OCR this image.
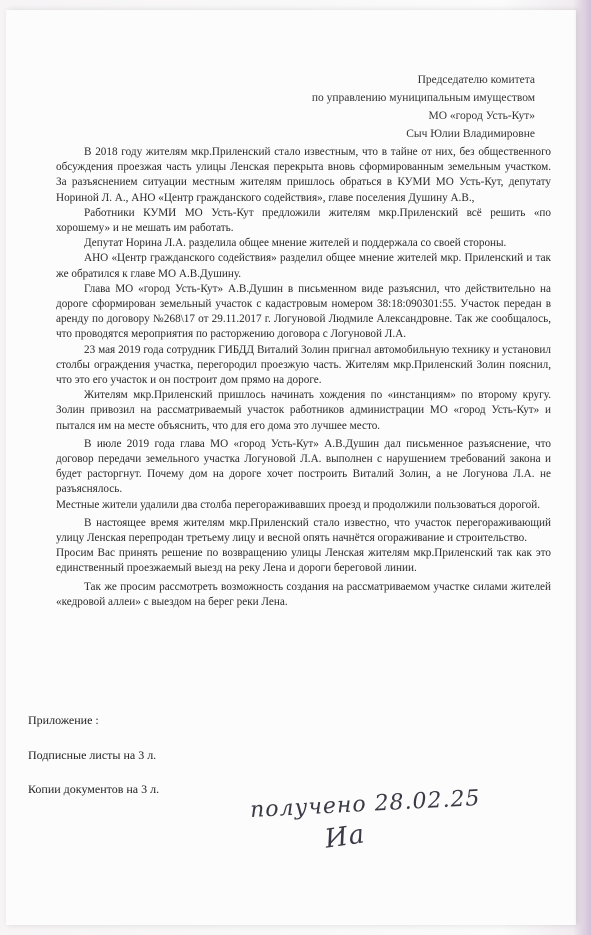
Председателю комитета
по управлению муниципальным имуществом
МО «город Усть-Кут»
Сыч Юлии Владимировне

В 2018 году жителям мкр.Приленский стало известным, что в тайне от них, без общественного обсуждения проезжая часть улицы Ленская перекрыта вновь сформированным земельным участком. За разъяснением ситуации местным жителям пришлось обратьcя в КУМИ МО Усть-Кут, депутату Нориной Л. А., АНО «Центр гражданского содействия», главе поселения Душину А.В.,

Работники КУМИ МО Усть-Кут предложили жителям мкр.Приленский всё решить «по хорошему» и не мешать им работать.

Депутат Норина Л.А. разделила общее мнение жителей и поддержала со своей стороны.

АНО «Центр гражданского содействия» разделил общее мнение жителей мкр. Приленский и так же обратился к главе МО А.В.Душину.

Глава МО «город Усть-Кут» А.В.Душин в письменном виде разъяснил, что действительно на дороге сформирован земельный участок с кадастровым номером 38:18:090301:55. Участок передан в аренду по договору №268\17 от 29.11.2017 г. Логуновой Людмиле Александровне. Так же сообщалось, что проводятся мероприятия по расторжению договора с Логуновой Л.А.

23 мая 2019 года сотрудник ГИБДД Виталий Золин пригнал автомобильную технику и установил столбы ограждения участка, перегородил проезжую часть. Жителям мкр.Приленский Золин пояснил, что это его участок и он построит дом прямо на дороге.

Жителям мкр.Приленский пришлось начинать хождения по «инстанциям» по второму кругу. Золин привозил на рассматриваемый участок работников администрации МО «город Усть-Кут» и пытался им на месте объяснить, что для его дома это лучшее место.

В июле 2019 года глава МО «город Усть-Кут» А.В.Душин дал письменное разъяснение, что договор передачи земельного участка Логуновой Л.А. выполнен с нарушением требований закона и будет расторгнут. Почему дом на дороге хочет построить Виталий Золин, а не Логунова Л.А. не разъяснялось.

Местные жители удалили два столба перегораживавших проезд и продолжили пользоваться дорогой.

В настоящее время жителям мкр.Приленский стало известно, что участок перегораживающий улицу Ленская перепродан третьему лицу и весной опять начнётся огораживание и строительство.

Просим Вас принять решение по возвращению улицы Ленская жителям мкр.Приленский так как это единственный проезжаемый выезд на реку Лена и дороги береговой линии.

Так же просим рассмотреть возможность создания на рассматриваемом участке силами жителей «кедровой аллеи» с выездом на берег реки Лена.

Приложение :
Подписные листы на 3 л.
Копии документов на 3 л.	получено 28.02.25
Иа
